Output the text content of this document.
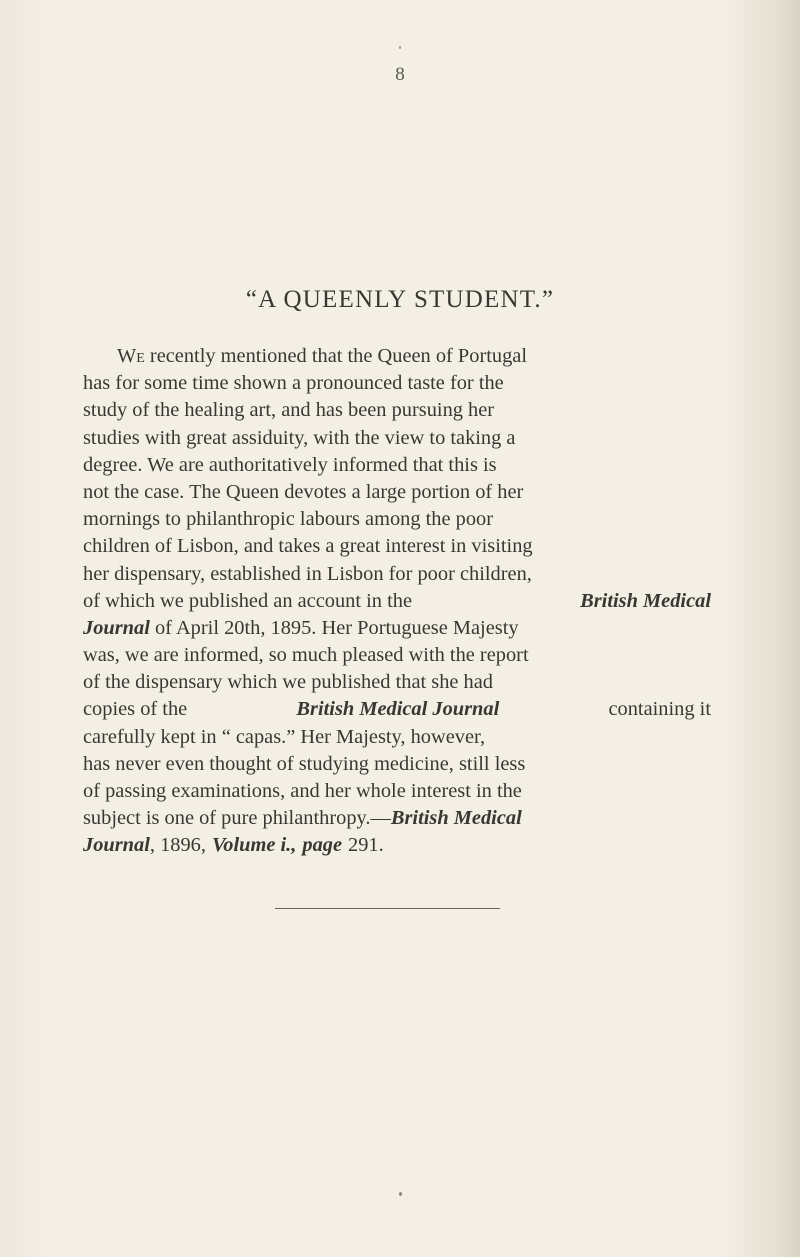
8
“A QUEENLY STUDENT.”
We recently mentioned that the Queen of Portugal
has for some time shown a pronounced taste for the
study of the healing art, and has been pursuing her
studies with great assiduity, with the view to taking a
degree. We are authoritatively informed that this is
not the case. The Queen devotes a large portion of her
mornings to philanthropic labours among the poor
children of Lisbon, and takes a great interest in visiting
her dispensary, established in Lisbon for poor children,
of which we published an account in the	British Medical
Journal of April 20th, 1895. Her Portuguese Majesty
was, we are informed, so much pleased with the report
of the dispensary which we published that she had
copies of the	British Medical Journal	containing it
carefully kept in “ capas.” Her Majesty, however,
has never even thought of studying medicine, still less
of passing examinations, and her whole interest in the
subject is one of pure philanthropy.—British Medical
Journal, 1896, Volume i., page 291.
